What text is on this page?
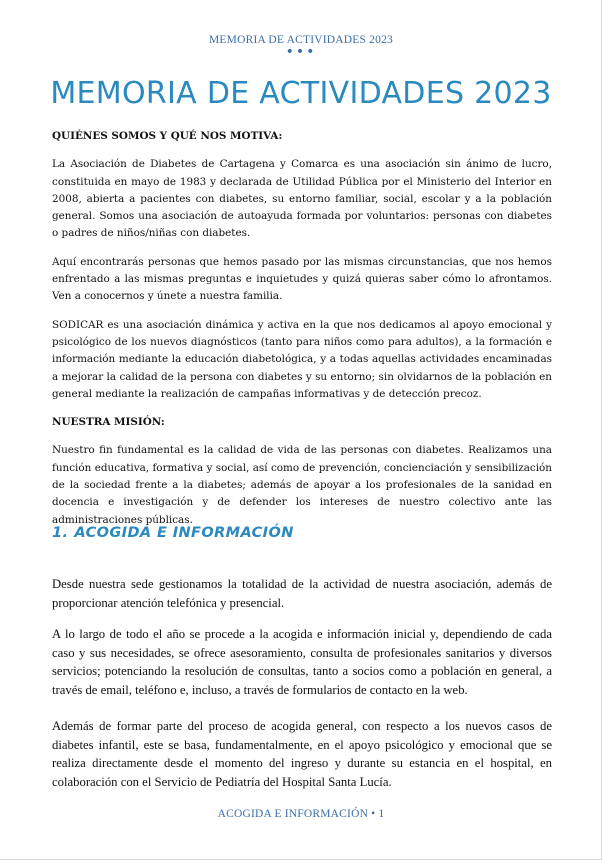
MEMORIA DE ACTIVIDADES 2023
•••
MEMORIA DE ACTIVIDADES 2023

QUIÉNES SOMOS Y QUÉ NOS MOTIVA:

La Asociación de Diabetes de Cartagena y Comarca es una asociación sin ánimo de lucro, constituida en mayo de 1983 y declarada de Utilidad Pública por el Ministerio del Interior en 2008, abierta a pacientes con diabetes, su entorno familiar, social, escolar y a la población general. Somos una asociación de autoayuda formada por voluntarios: personas con diabetes o padres de niños/niñas con diabetes.

Aquí encontrarás personas que hemos pasado por las mismas circunstancias, que nos hemos enfrentado a las mismas preguntas e inquietudes y quizá quieras saber cómo lo afrontamos. Ven a conocernos y únete a nuestra familia.

SODICAR es una asociación dinámica y activa en la que nos dedicamos al apoyo emocional y psicológico de los nuevos diagnósticos (tanto para niños como para adultos), a la formación e información mediante la educación diabetológica, y a todas aquellas actividades encaminadas a mejorar la calidad de la persona con diabetes y su entorno; sin olvidarnos de la población en general mediante la realización de campañas informativas y de detección precoz.

NUESTRA MISIÓN:

Nuestro fin fundamental es la calidad de vida de las personas con diabetes. Realizamos una función educativa, formativa y social, así como de prevención, concienciación y sensibilización de la sociedad frente a la diabetes; además de apoyar a los profesionales de la sanidad en docencia e investigación y de defender los intereses de nuestro colectivo ante las administraciones públicas.

1. ACOGIDA E INFORMACIÓN

Desde nuestra sede gestionamos la totalidad de la actividad de nuestra asociación, además de proporcionar atención telefónica y presencial.

A lo largo de todo el año se procede a la acogida e información inicial y, dependiendo de cada caso y sus necesidades, se ofrece asesoramiento, consulta de profesionales sanitarios y diversos servicios; potenciando la resolución de consultas, tanto a socios como a población en general, a través de email, teléfono e, incluso, a través de formularios de contacto en la web.

Además de formar parte del proceso de acogida general, con respecto a los nuevos casos de diabetes infantil, este se basa, fundamentalmente, en el apoyo psicológico y emocional que se realiza directamente desde el momento del ingreso y durante su estancia en el hospital, en colaboración con el Servicio de Pediatría del Hospital Santa Lucía.

ACOGIDA E INFORMACIÓN • 1
